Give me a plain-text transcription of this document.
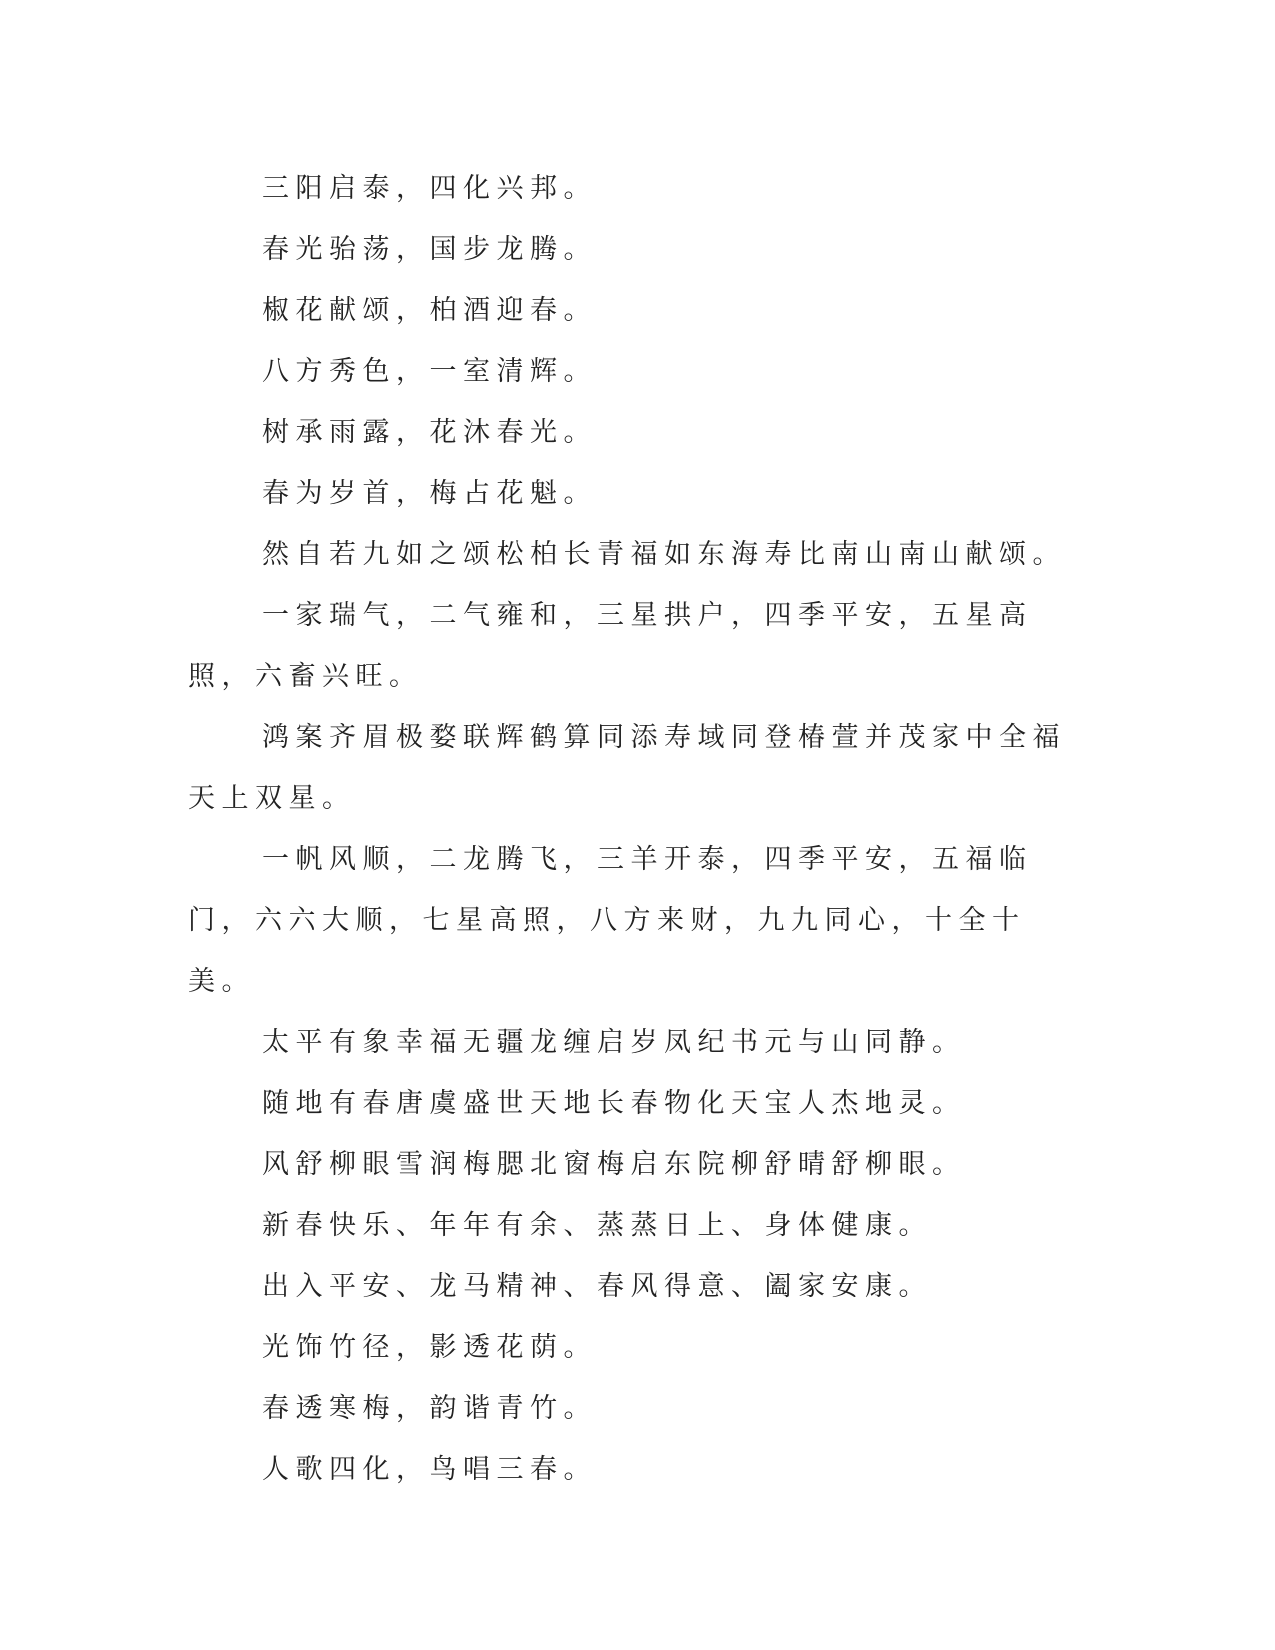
三阳启泰，四化兴邦。

春光骀荡，国步龙腾。

椒花献颂，柏酒迎春。

八方秀色，一室清辉。

树承雨露，花沐春光。

春为岁首，梅占花魁。

然自若九如之颂松柏长青福如东海寿比南山南山献颂。

一家瑞气，二气雍和，三星拱户，四季平安，五星高照，六畜兴旺。

鸿案齐眉极婺联辉鹤算同添寿域同登椿萱并茂家中全福天上双星。

一帆风顺，二龙腾飞，三羊开泰，四季平安，五福临门，六六大顺，七星高照，八方来财，九九同心，十全十美。

太平有象幸福无疆龙缠启岁凤纪书元与山同静。

随地有春唐虞盛世天地长春物化天宝人杰地灵。

风舒柳眼雪润梅腮北窗梅启东院柳舒晴舒柳眼。

新春快乐、年年有余、蒸蒸日上、身体健康。

出入平安、龙马精神、春风得意、阖家安康。

光饰竹径，影透花荫。

春透寒梅，韵谐青竹。

人歌四化，鸟唱三春。
